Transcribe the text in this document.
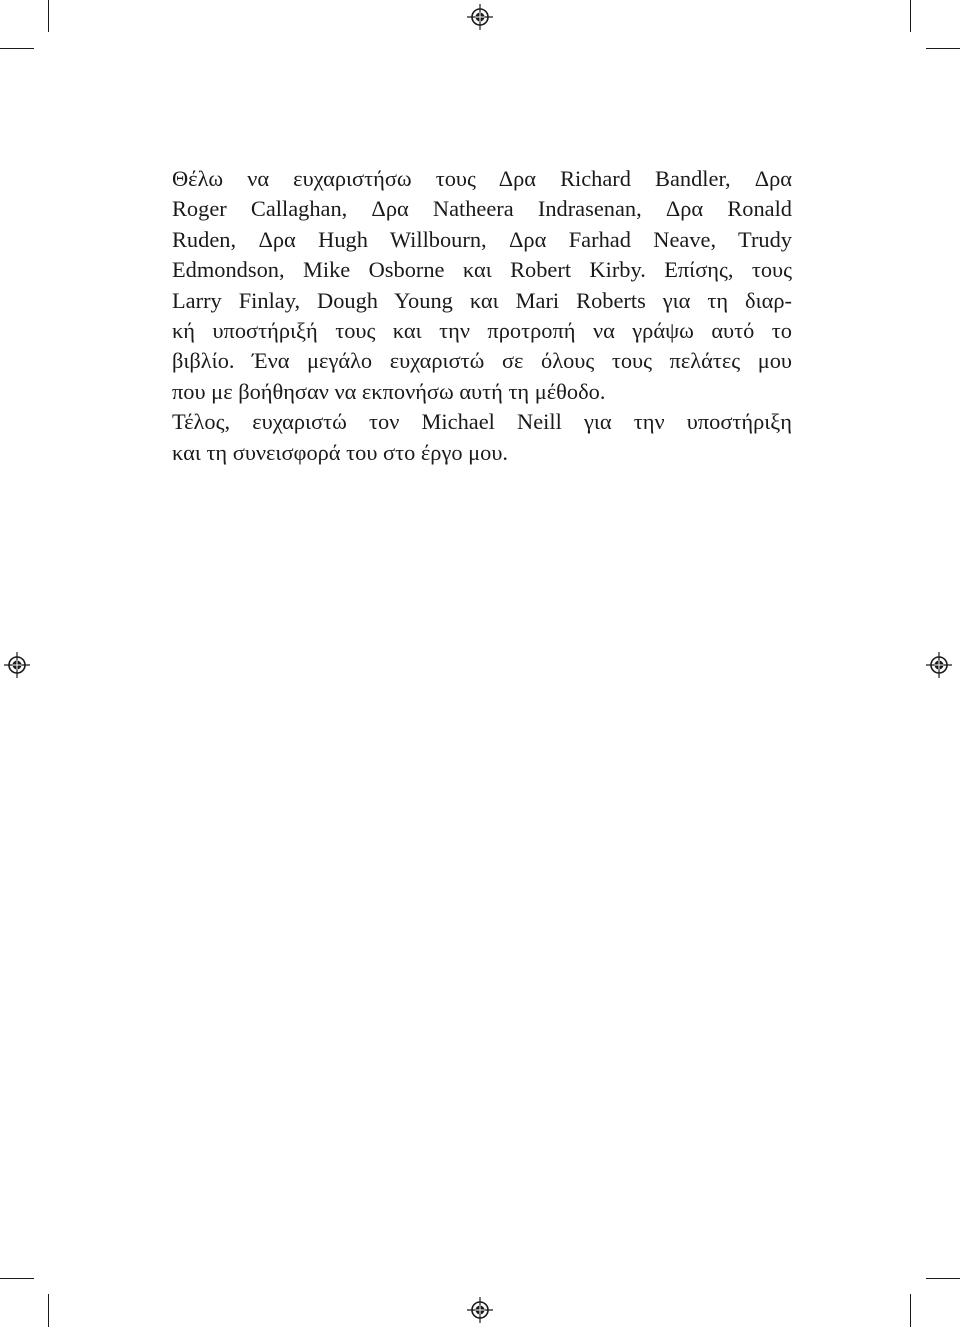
Θέλω να ευχαριστήσω τους Δρα Richard Bandler, Δρα
Roger Callaghan, Δρα Natheera Indrasenan, Δρα Ronald
Ruden, Δρα Hugh Willbourn, Δρα Farhad Neave, Trudy
Edmondson, Mike Osborne και Robert Kirby. Επίσης, τους
Larry Finlay, Dough Young και Mari Roberts για τη διαρ-
κή υποστήριξή τους και την προτροπή να γράψω αυτό το
βιβλίο. Ένα μεγάλο ευχαριστώ σε όλους τους πελάτες μου
που με βοήθησαν να εκπονήσω αυτή τη μέθοδο.
Τέλος, ευχαριστώ τον Michael Neill για την υποστήριξη
και τη συνεισφορά του στο έργο μου.
